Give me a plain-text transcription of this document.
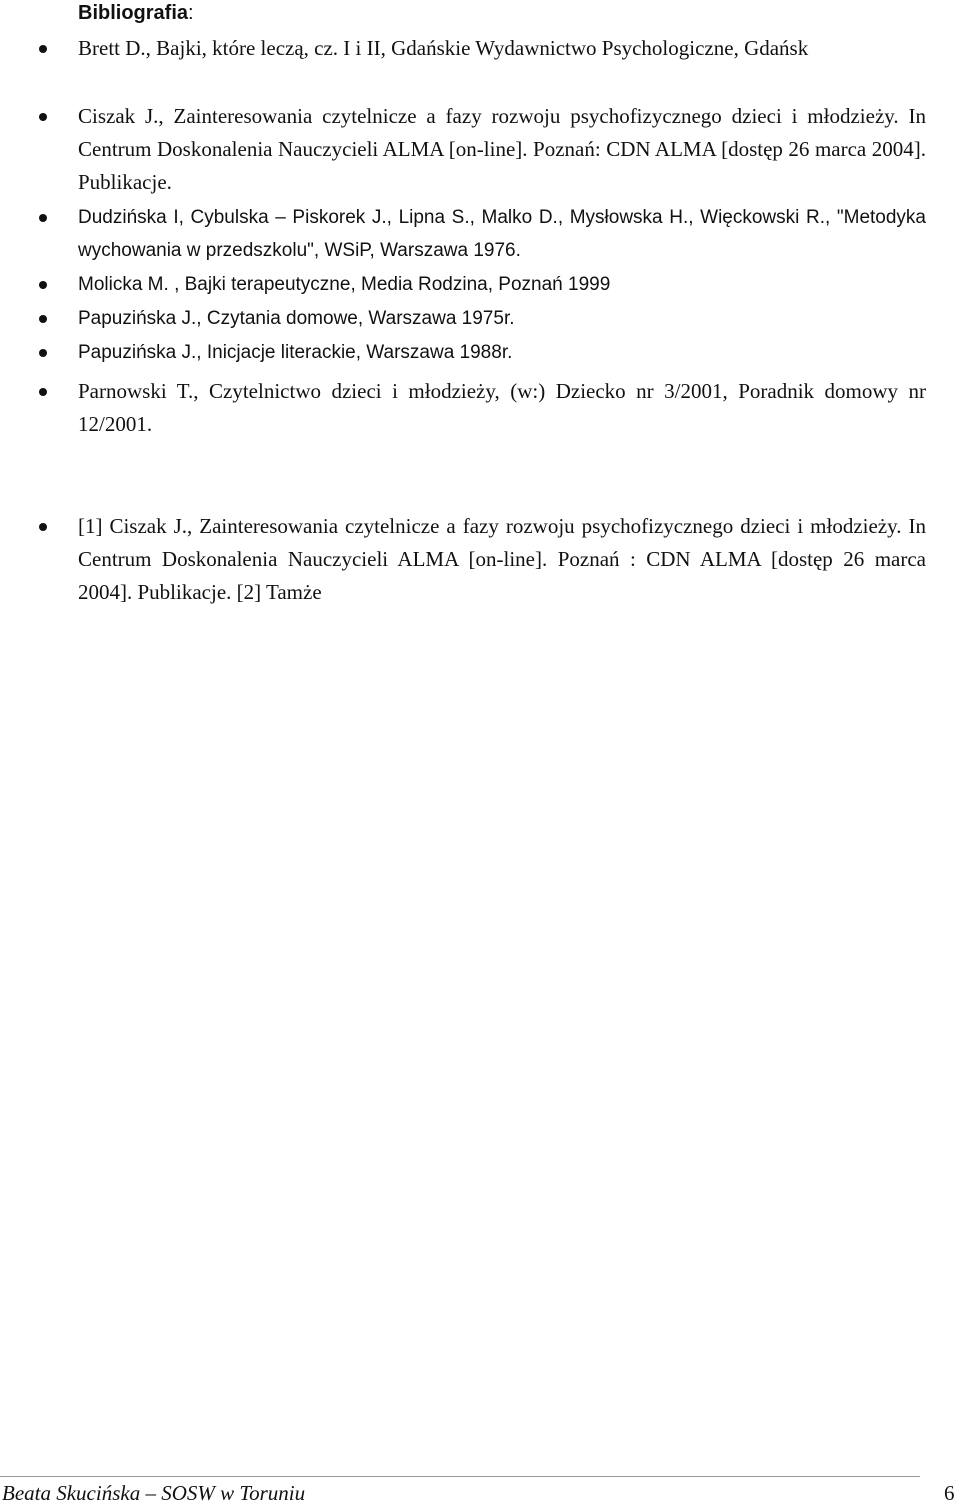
Bibliografia:
Brett D., Bajki, które leczą, cz. I i II, Gdańskie Wydawnictwo Psychologiczne, Gdańsk
Ciszak J., Zainteresowania czytelnicze a fazy rozwoju psychofizycznego dzieci i młodzieży. In Centrum Doskonalenia Nauczycieli ALMA [on-line]. Poznań: CDN ALMA [dostęp 26 marca 2004]. Publikacje.
Dudzińska I, Cybulska – Piskorek J., Lipna S., Malko D., Mysłowska H., Więckowski R., "Metodyka wychowania w przedszkolu", WSiP, Warszawa 1976.
Molicka M. , Bajki terapeutyczne, Media Rodzina, Poznań 1999
Papuzińska J., Czytania domowe, Warszawa 1975r.
Papuzińska J., Inicjacje literackie, Warszawa 1988r.
Parnowski T., Czytelnictwo dzieci i młodzieży, (w:) Dziecko nr 3/2001, Poradnik domowy nr 12/2001.
[1] Ciszak J., Zainteresowania czytelnicze a fazy rozwoju psychofizycznego dzieci i młodzieży. In Centrum Doskonalenia Nauczycieli ALMA [on-line]. Poznań : CDN ALMA [dostęp 26 marca 2004]. Publikacje. [2] Tamże
Beata Skucińska – SOSW w Toruniu	6
